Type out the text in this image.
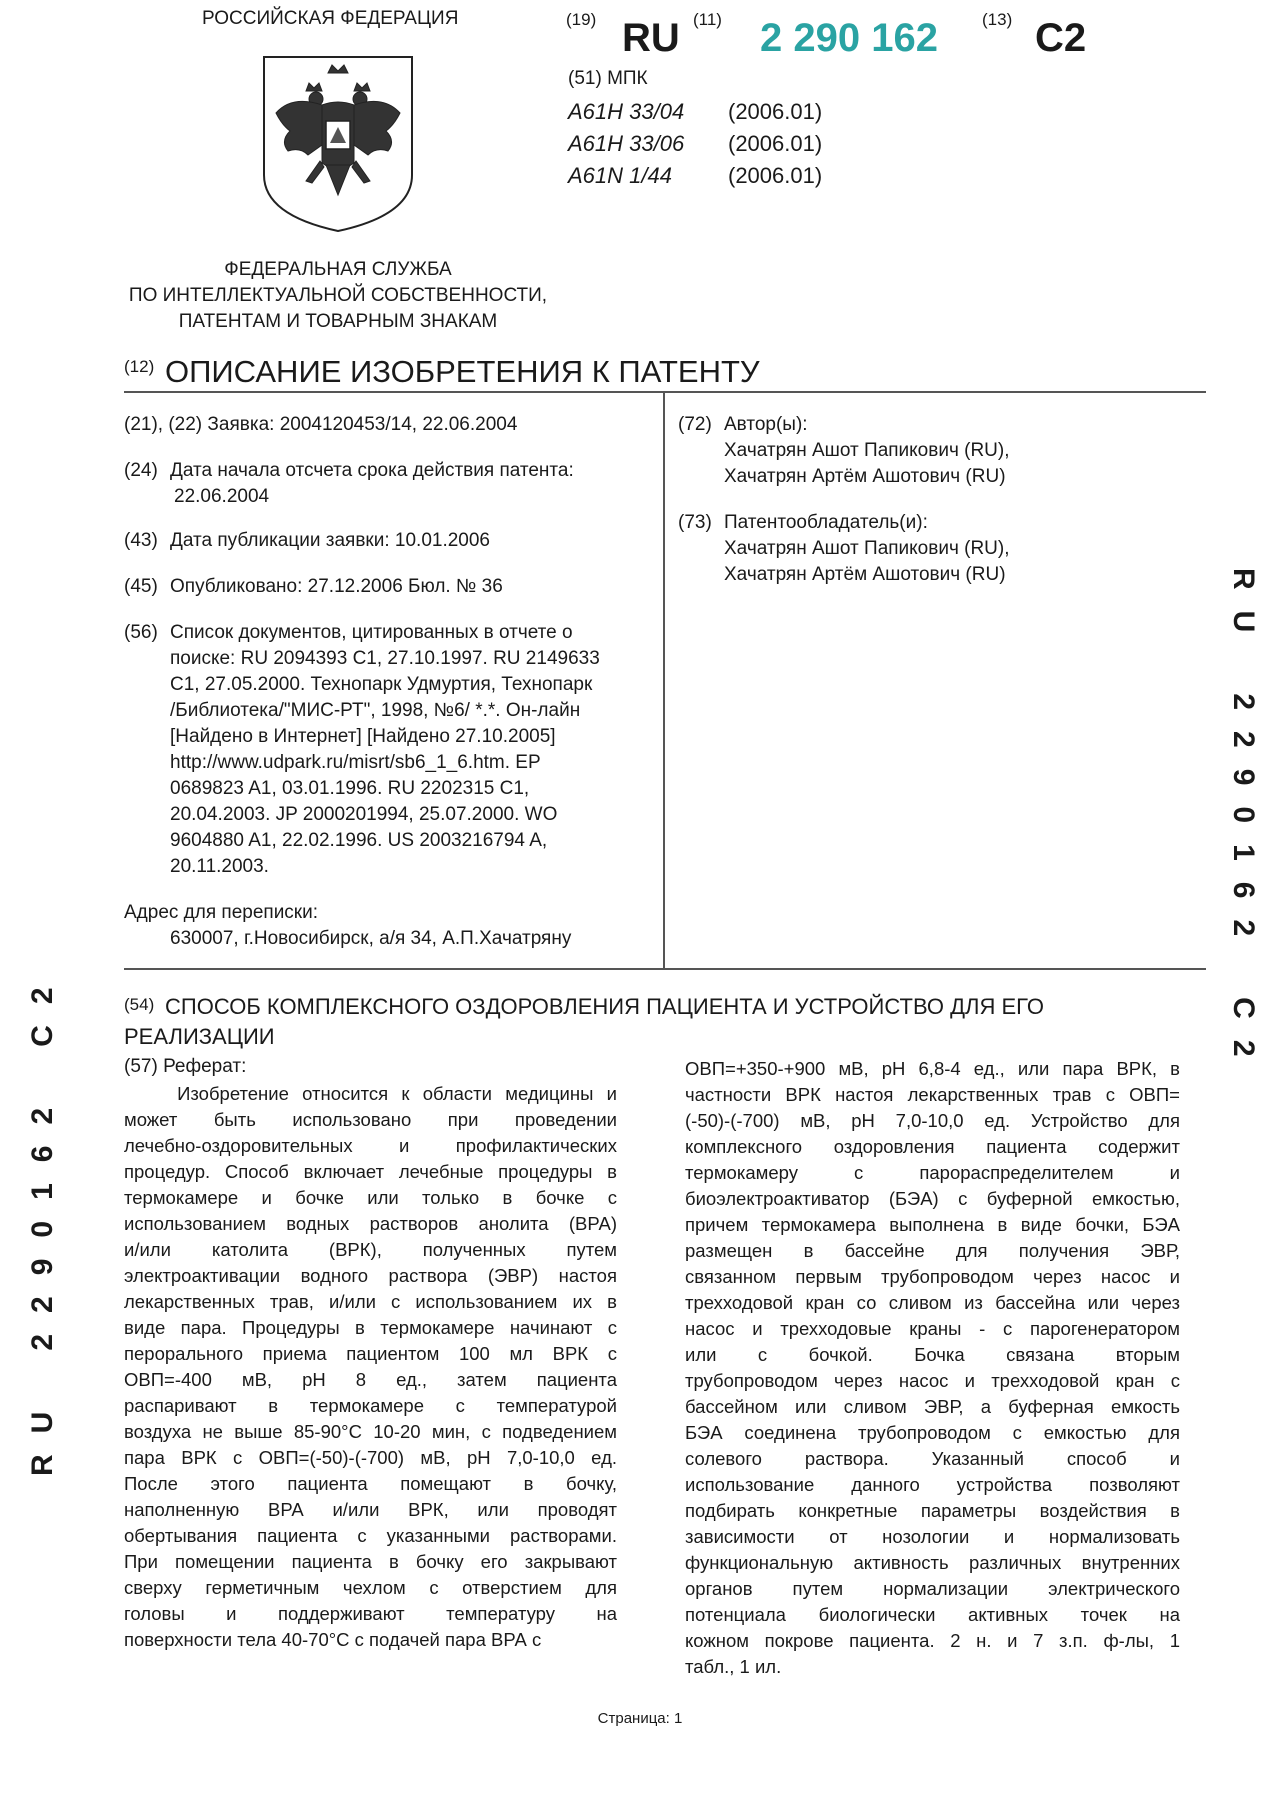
РОССИЙСКАЯ ФЕДЕРАЦИЯ	(19) RU (11) 2 290 162	(13) C2
(51) МПК
A61H 33/04 (2006.01)
A61H 33/06 (2006.01)
A61N 1/44	(2006.01)
ФЕДЕРАЛЬНАЯ СЛУЖБА
ПО ИНТЕЛЛЕКТУАЛЬНОЙ СОБСТВЕННОСТИ,
ПАТЕНТАМ И ТОВАРНЫМ ЗНАКАМ
(12) ОПИСАНИЕ ИЗОБРЕТЕНИЯ К ПАТЕНТУ
(21), (22) Заявка: 2004120453/14, 22.06.2004
(24) Дата начала отсчета срока действия патента:
22.06.2004
(43) Дата публикации заявки: 10.01.2006
(45) Опубликовано: 27.12.2006 Бюл. № 36
(56) Список документов, цитированных в отчете о
поиске: RU 2094393 C1, 27.10.1997. RU 2149633
C1, 27.05.2000. Технопарк Удмуртия, Технопарк
/Библиотека/"МИС-РТ", 1998, №6/ *.*. Он-лайн
[Найдено в Интернет] [Найдено 27.10.2005]
http://www.udpark.ru/misrt/sb6_1_6.htm. EP
0689823 A1, 03.01.1996. RU 2202315 C1,
20.04.2003. JP 2000201994, 25.07.2000. WO
9604880 A1, 22.02.1996. US 2003216794 A,
20.11.2003.
Адрес для переписки:
630007, г.Новосибирск, а/я 34, А.П.Хачатряну
(72) Автор(ы):
Хачатрян Ашот Папикович (RU),
Хачатрян Артём Ашотович (RU)
(73) Патентообладатель(и):
Хачатрян Ашот Папикович (RU),
Хачатрян Артём Ашотович (RU)	RU2290162C2
RU2290162C2	(54) СПОСОБ КОМПЛЕКСНОГО ОЗДОРОВЛЕНИЯ ПАЦИЕНТА И УСТРОЙСТВО ДЛЯ ЕГО
РЕАЛИЗАЦИИ
(57) Реферат:
Изобретение относится к области медицины и
может быть использовано при проведении
лечебно-оздоровительных и профилактических
процедур. Способ включает лечебные процедуры в
термокамере и бочке или только в бочке с
использованием водных растворов анолита (ВРА)
и/или католита (ВРК), полученных путем
электроактивации водного раствора (ЭВР) настоя
лекарственных трав, и/или с использованием их в
виде пара. Процедуры в термокамере начинают с
перорального приема пациентом 100 мл ВРК с
ОВП=-400 мВ, рН 8 ед., затем пациента
распаривают в термокамере с температурой
воздуха не выше 85-90°С 10-20 мин, с подведением
пара ВРК с ОВП=(-50)-(-700) мВ, рН 7,0-10,0 ед.
После этого пациента помещают в бочку,
наполненную ВРА и/или ВРК, или проводят
обертывания пациента с указанными растворами.
При помещении пациента в бочку его закрывают
сверху герметичным чехлом с отверстием для
головы и поддерживают температуру на
поверхности тела 40-70°С с подачей пара ВРА с
ОВП=+350-+900 мВ, рН 6,8-4 ед., или пара ВРК, в
частности ВРК настоя лекарственных трав с ОВП=
(-50)-(-700) мВ, рН 7,0-10,0 ед. Устройство для
комплексного оздоровления пациента содержит
термокамеру с парораспределителем и
биоэлектроактиватор (БЭА) с буферной емкостью,
причем термокамера выполнена в виде бочки, БЭА
размещен в бассейне для получения ЭВР,
связанном первым трубопроводом через насос и
трехходовой кран со сливом из бассейна или через
насос и трехходовые краны - с парогенератором
или с бочкой. Бочка связана вторым
трубопроводом через насос и трехходовой кран с
бассейном или сливом ЭВР, а буферная емкость
БЭА соединена трубопроводом с емкостью для
солевого раствора. Указанный способ и
использование данного устройства позволяют
подбирать конкретные параметры воздействия в
зависимости от нозологии и нормализовать
функциональную активность различных внутренних
органов путем нормализации электрического
потенциала биологически активных точек на
кожном покрове пациента. 2 н. и 7 з.п. ф-лы, 1
табл., 1 ил.
Страница: 1
